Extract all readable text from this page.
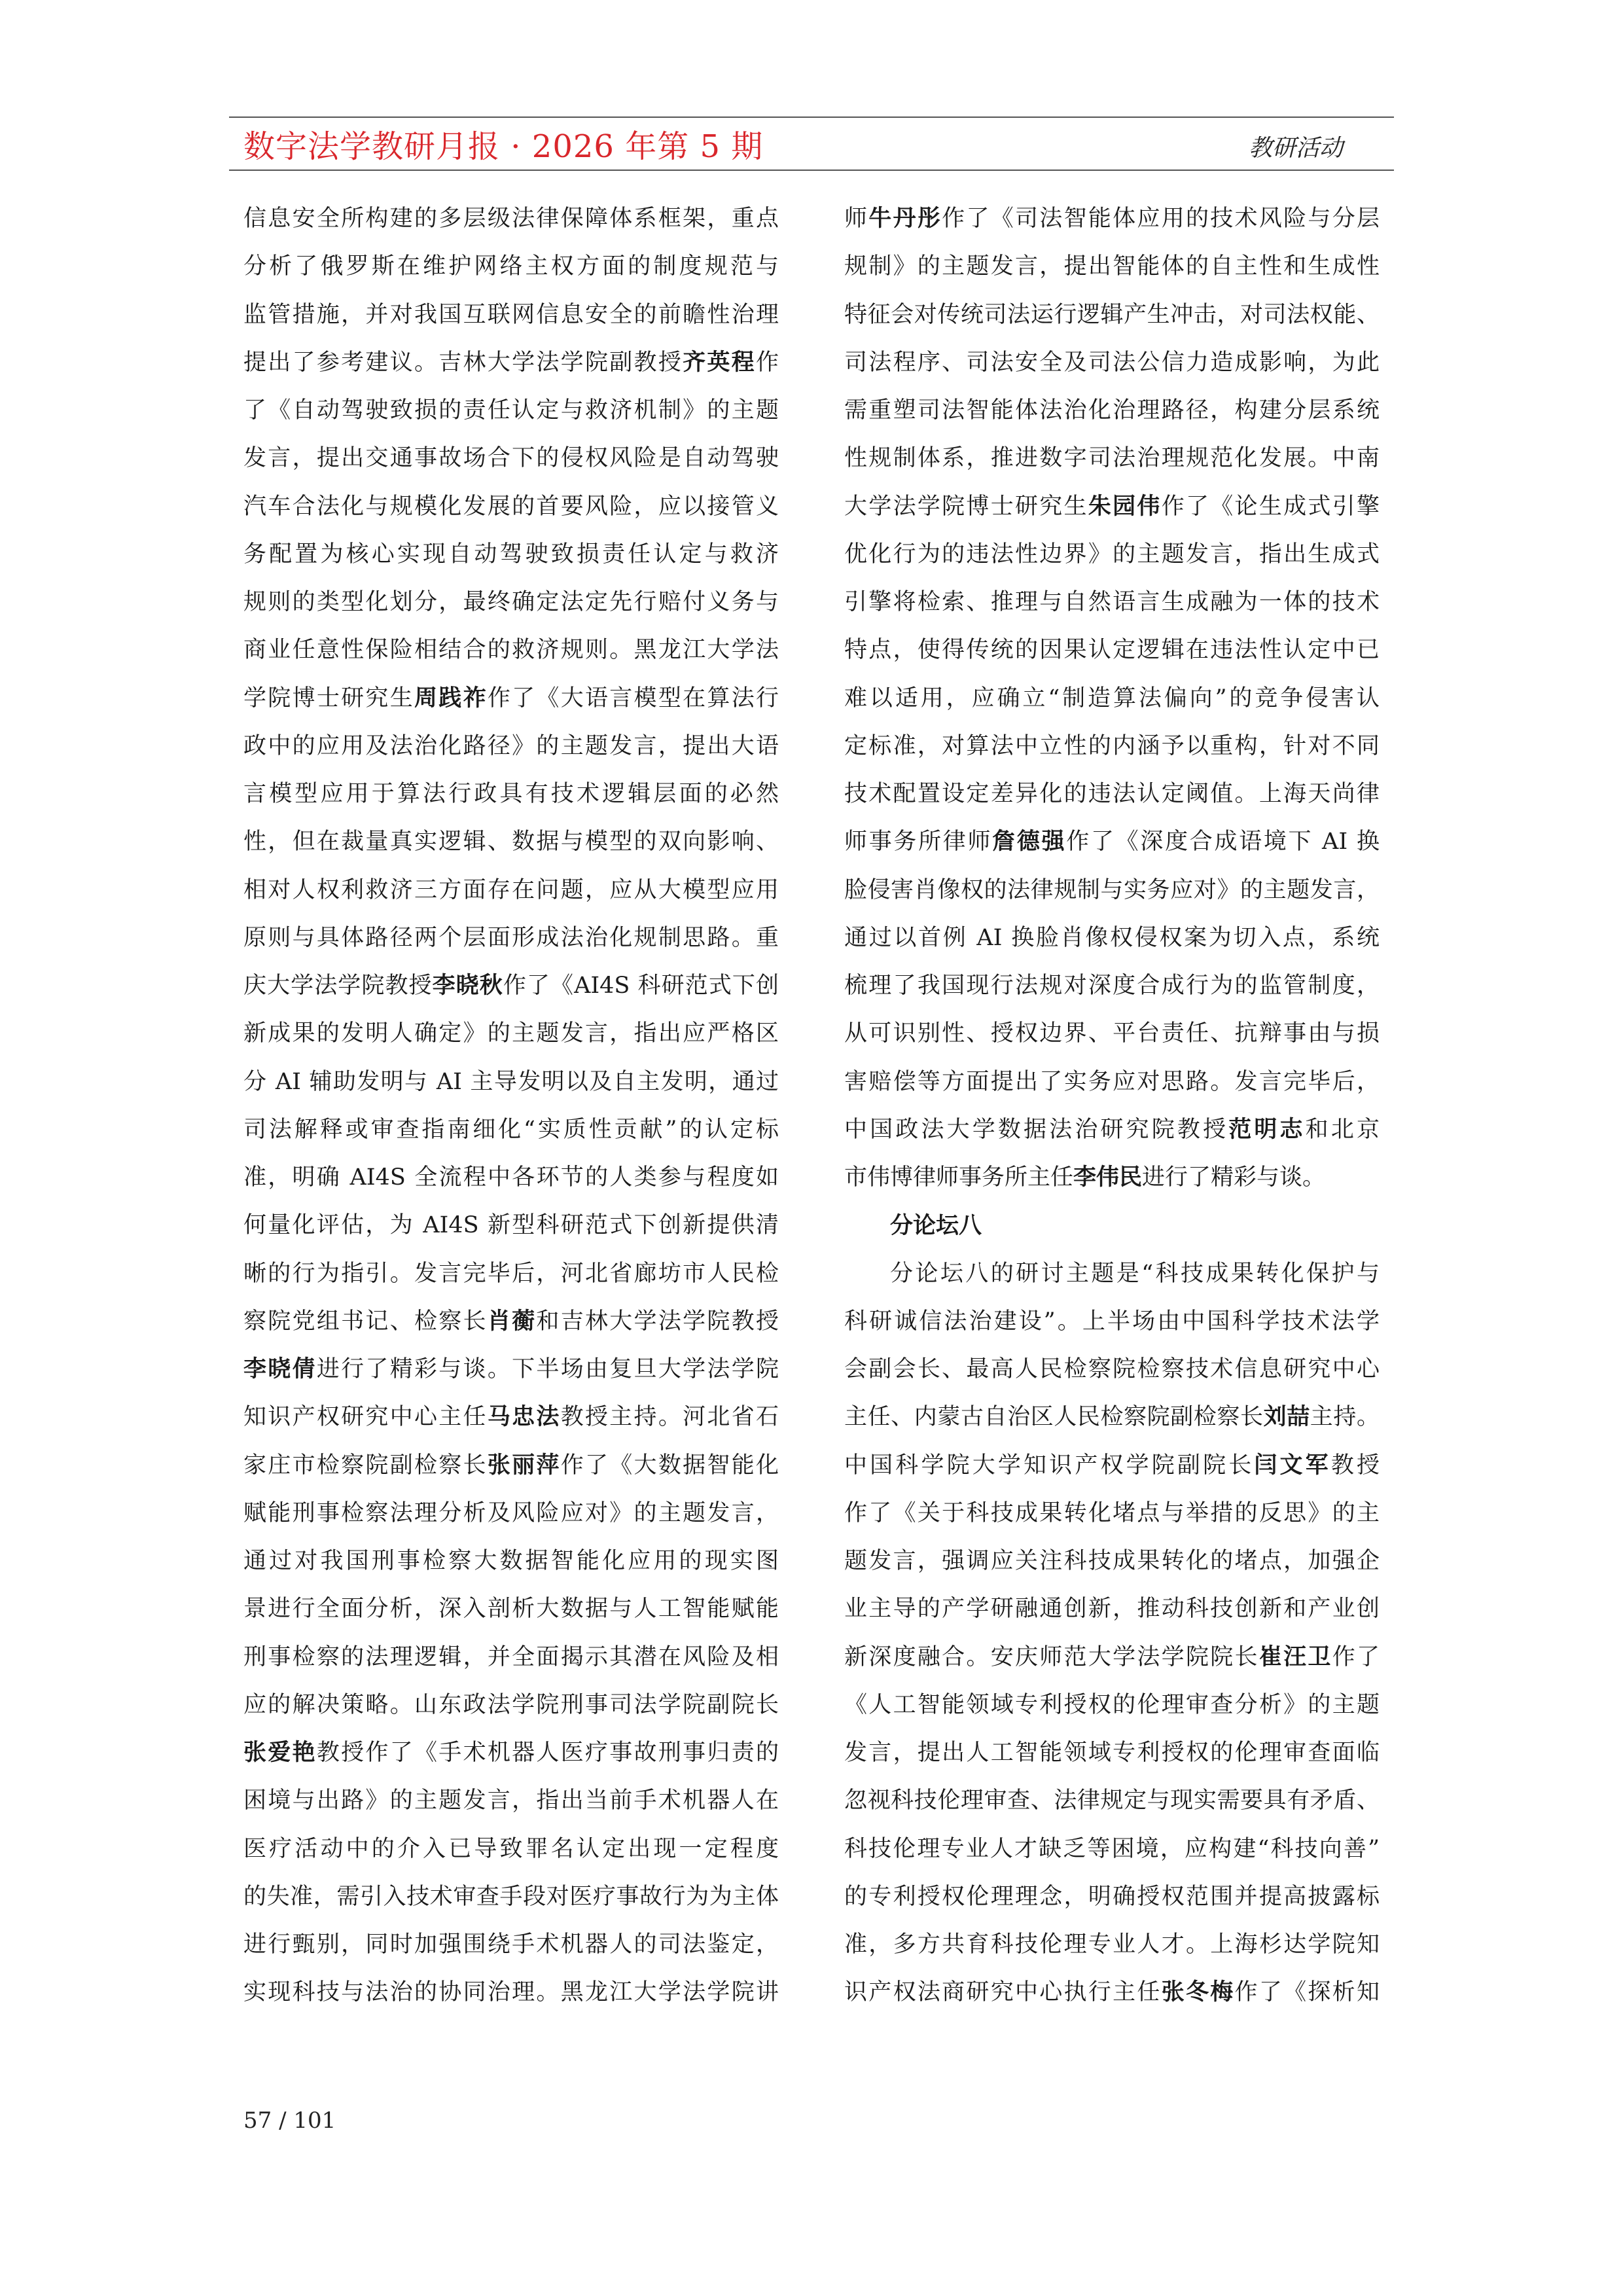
数字法学教研月报 · 2026 年第 5 期	教研活动
信息安全所构建的多层级法律保障体系框架，重点
分析了俄罗斯在维护网络主权方面的制度规范与
监管措施，并对我国互联网信息安全的前瞻性治理
提出了参考建议。吉林大学法学院副教授齐英程作
了《自动驾驶致损的责任认定与救济机制》的主题
发言，提出交通事故场合下的侵权风险是自动驾驶
汽车合法化与规模化发展的首要风险，应以接管义
务配置为核心实现自动驾驶致损责任认定与救济
规则的类型化划分，最终确定法定先行赔付义务与
商业任意性保险相结合的救济规则。黑龙江大学法
学院博士研究生周践祚作了《大语言模型在算法行
政中的应用及法治化路径》的主题发言，提出大语
言模型应用于算法行政具有技术逻辑层面的必然
性，但在裁量真实逻辑、数据与模型的双向影响、
相对人权利救济三方面存在问题，应从大模型应用
原则与具体路径两个层面形成法治化规制思路。重
庆大学法学院教授李晓秋作了《AI4S 科研范式下创
新成果的发明人确定》的主题发言，指出应严格区
分 AI 辅助发明与 AI 主导发明以及自主发明，通过
司法解释或审查指南细化“实质性贡献”的认定标
准，明确 AI4S 全流程中各环节的人类参与程度如
何量化评估，为 AI4S 新型科研范式下创新提供清
晰的行为指引。发言完毕后，河北省廊坊市人民检
察院党组书记、检察长肖蘅和吉林大学法学院教授
李晓倩进行了精彩与谈。下半场由复旦大学法学院
知识产权研究中心主任马忠法教授主持。河北省石
家庄市检察院副检察长张丽萍作了《大数据智能化
赋能刑事检察法理分析及风险应对》的主题发言，
通过对我国刑事检察大数据智能化应用的现实图
景进行全面分析，深入剖析大数据与人工智能赋能
刑事检察的法理逻辑，并全面揭示其潜在风险及相
应的解决策略。山东政法学院刑事司法学院副院长
张爱艳教授作了《手术机器人医疗事故刑事归责的
困境与出路》的主题发言，指出当前手术机器人在
医疗活动中的介入已导致罪名认定出现一定程度
的失准，需引入技术审查手段对医疗事故行为为主体
进行甄别，同时加强围绕手术机器人的司法鉴定，
实现科技与法治的协同治理。黑龙江大学法学院讲
师牛丹彤作了《司法智能体应用的技术风险与分层
规制》的主题发言，提出智能体的自主性和生成性
特征会对传统司法运行逻辑产生冲击，对司法权能、
司法程序、司法安全及司法公信力造成影响，为此
需重塑司法智能体法治化治理路径，构建分层系统
性规制体系，推进数字司法治理规范化发展。中南
大学法学院博士研究生朱园伟作了《论生成式引擎
优化行为的违法性边界》的主题发言，指出生成式
引擎将检索、推理与自然语言生成融为一体的技术
特点，使得传统的因果认定逻辑在违法性认定中已
难以适用，应确立“制造算法偏向”的竞争侵害认
定标准，对算法中立性的内涵予以重构，针对不同
技术配置设定差异化的违法认定阈值。上海天尚律
师事务所律师詹德强作了《深度合成语境下 AI 换
脸侵害肖像权的法律规制与实务应对》的主题发言，
通过以首例 AI 换脸肖像权侵权案为切入点，系统
梳理了我国现行法规对深度合成行为的监管制度，
从可识别性、授权边界、平台责任、抗辩事由与损
害赔偿等方面提出了实务应对思路。发言完毕后，
中国政法大学数据法治研究院教授范明志和北京
市伟博律师事务所主任李伟民进行了精彩与谈。
分论坛八
分论坛八的研讨主题是“科技成果转化保护与
科研诚信法治建设”。上半场由中国科学技术法学
会副会长、最高人民检察院检察技术信息研究中心
主任、内蒙古自治区人民检察院副检察长刘喆主持。
中国科学院大学知识产权学院副院长闫文军教授
作了《关于科技成果转化堵点与举措的反思》的主
题发言，强调应关注科技成果转化的堵点，加强企
业主导的产学研融通创新，推动科技创新和产业创
新深度融合。安庆师范大学法学院院长崔汪卫作了
《人工智能领域专利授权的伦理审查分析》的主题
发言，提出人工智能领域专利授权的伦理审查面临
忽视科技伦理审查、法律规定与现实需要具有矛盾、
科技伦理专业人才缺乏等困境，应构建“科技向善”
的专利授权伦理理念，明确授权范围并提高披露标
准，多方共育科技伦理专业人才。上海杉达学院知
识产权法商研究中心执行主任张冬梅作了《探析知
57 / 101
